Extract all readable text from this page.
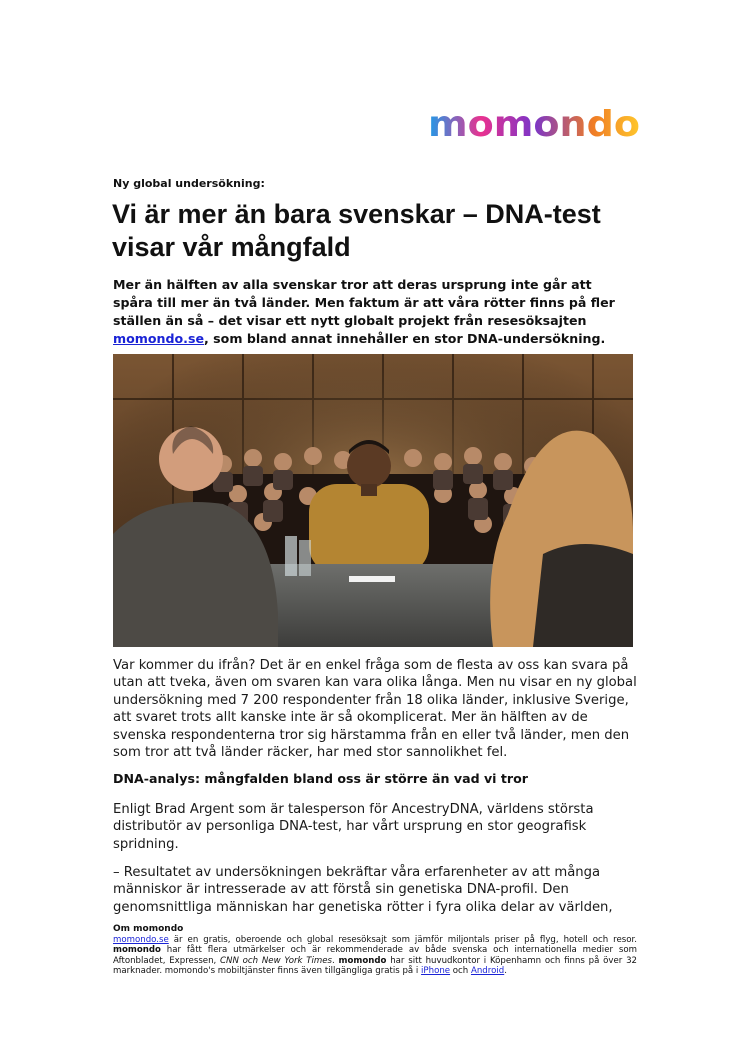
momondo
Ny global undersökning:
Vi är mer än bara svenskar – DNA-test visar vår mångfald

Mer än hälften av alla svenskar tror att deras ursprung inte går att spåra till mer än två länder. Men faktum är att våra rötter finns på fler ställen än så – det visar ett nytt globalt projekt från resesöksajten momondo.se, som bland annat innehåller en stor DNA-undersökning.

Var kommer du ifrån? Det är en enkel fråga som de flesta av oss kan svara på utan att tveka, även om svaren kan vara olika långa. Men nu visar en ny global undersökning med 7 200 respondenter från 18 olika länder, inklusive Sverige, att svaret trots allt kanske inte är så okomplicerat. Mer än hälften av de svenska respondenterna tror sig härstamma från en eller två länder, men den som tror att två länder räcker, har med stor sannolikhet fel.

DNA-analys: mångfalden bland oss är större än vad vi tror

Enligt Brad Argent som är talesperson för AncestryDNA, världens största distributör av personliga DNA-test, har vårt ursprung en stor geografisk spridning.

– Resultatet av undersökningen bekräftar våra erfarenheter av att många människor är intresserade av att förstå sin genetiska DNA-profil. Den genomsnittliga människan har genetiska rötter i fyra olika delar av världen,

Om momondo
momondo.se är en gratis, oberoende och global resesöksajt som jämför miljontals priser på flyg, hotell och resor. momondo har fått flera utmärkelser och är rekommenderade av både svenska och internationella medier som Aftonbladet, Expressen, CNN och New York Times. momondo har sitt huvudkontor i Köpenhamn och finns på över 32 marknader. momondo's mobiltjänster finns även tillgängliga gratis på i iPhone och Android.
